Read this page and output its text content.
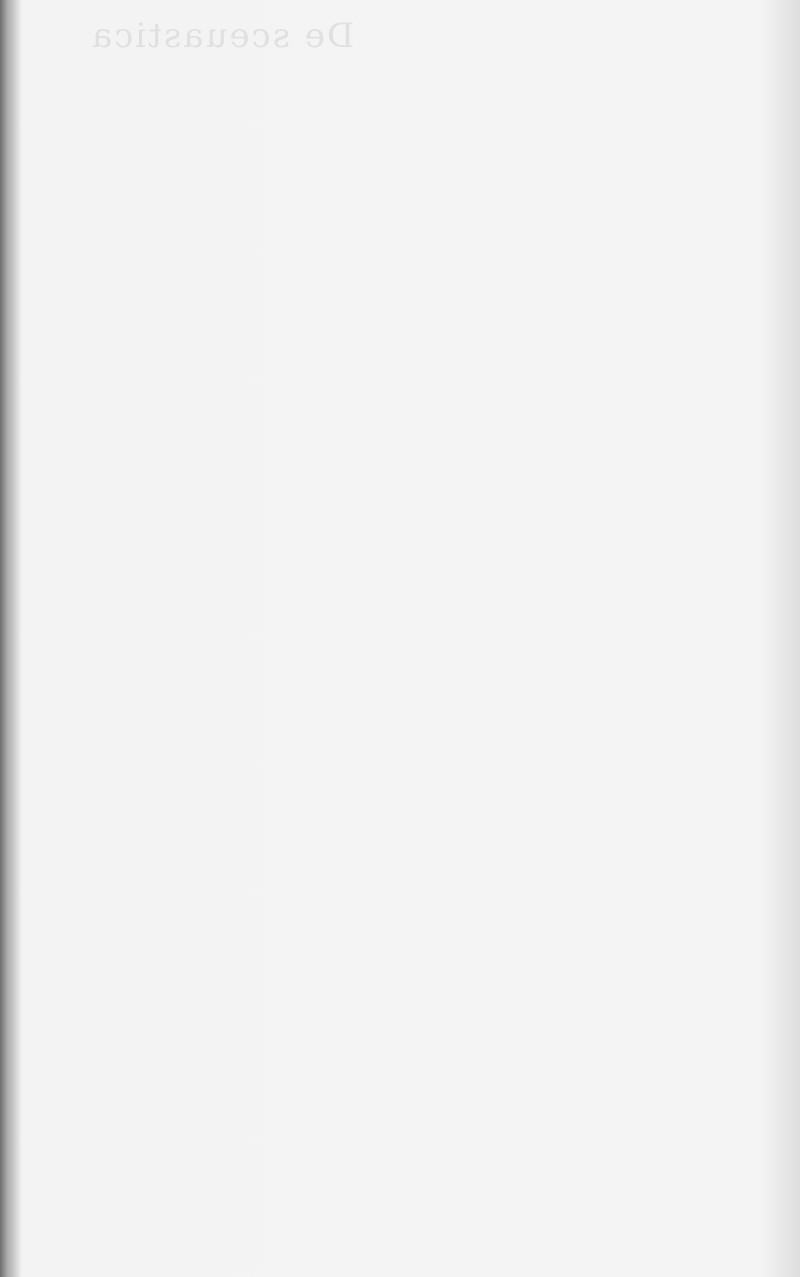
De sceuastica
